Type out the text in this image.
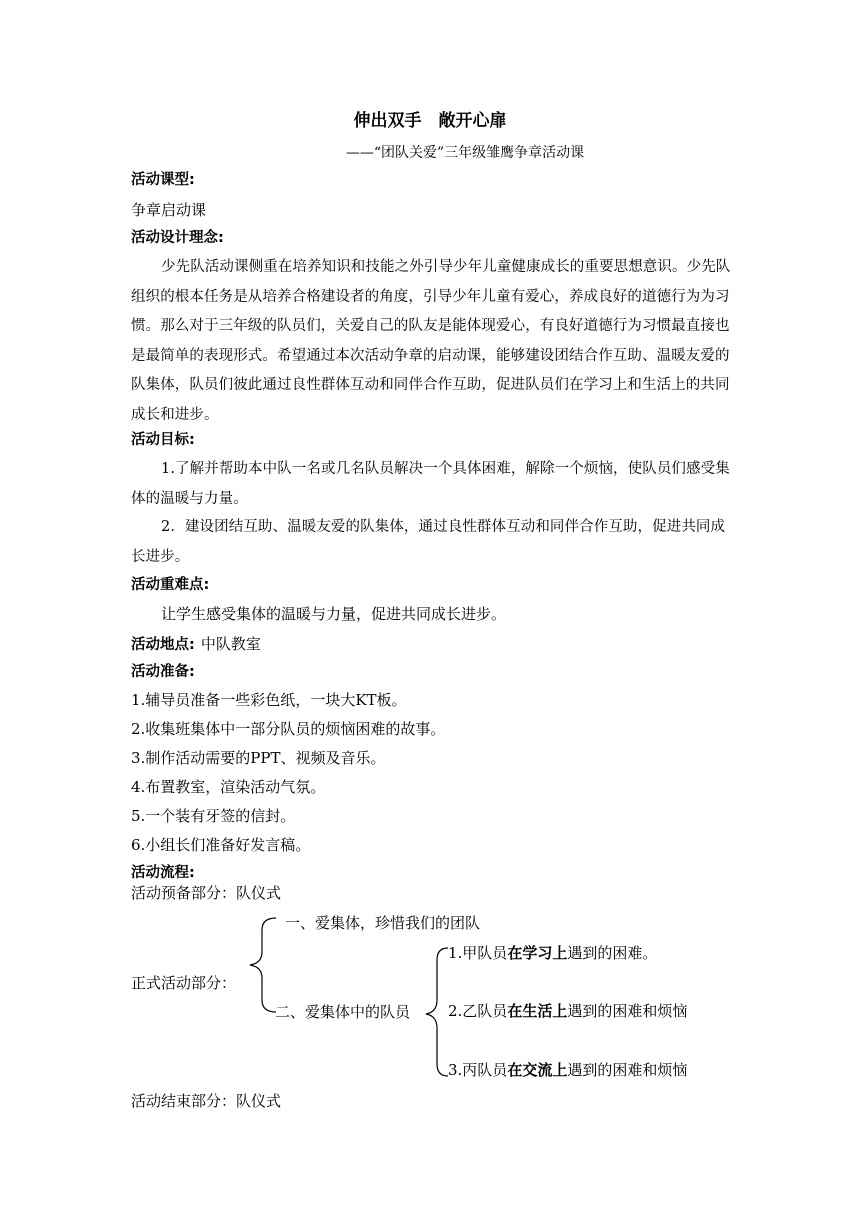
伸出双手　敞开心扉
——“团队关爱”三年级雏鹰争章活动课
活动课型:
争章启动课
活动设计理念:
少先队活动课侧重在培养知识和技能之外引导少年儿童健康成长的重要思想意识。少先队组织的根本任务是从培养合格建设者的角度，引导少年儿童有爱心，养成良好的道德行为为习惯。那么对于三年级的队员们，关爱自己的队友是能体现爱心，有良好道德行为习惯最直接也是最简单的表现形式。希望通过本次活动争章的启动课，能够建设团结合作互助、温暖友爱的队集体，队员们彼此通过良性群体互动和同伴合作互助，促进队员们在学习上和生活上的共同成长和进步。
活动目标:
1.了解并帮助本中队一名或几名队员解决一个具体困难，解除一个烦恼，使队员们感受集体的温暖与力量。
2．建设团结互助、温暖友爱的队集体，通过良性群体互动和同伴合作互助，促进共同成长进步。
活动重难点:
让学生感受集体的温暖与力量，促进共同成长进步。
活动地点: 中队教室
活动准备:
1.辅导员准备一些彩色纸，一块大KT板。
2.收集班集体中一部分队员的烦恼困难的故事。
3.制作活动需要的PPT、视频及音乐。
4.布置教室，渲染活动气氛。
5.一个装有牙签的信封。
6.小组长们准备好发言稿。
活动流程:
活动预备部分：队仪式
一、爱集体，珍惜我们的团队
正式活动部分：
二、爱集体中的队员
1.甲队员在学习上遇到的困难。
2.乙队员在生活上遇到的困难和烦恼
3.丙队员在交流上遇到的困难和烦恼
活动结束部分：队仪式
